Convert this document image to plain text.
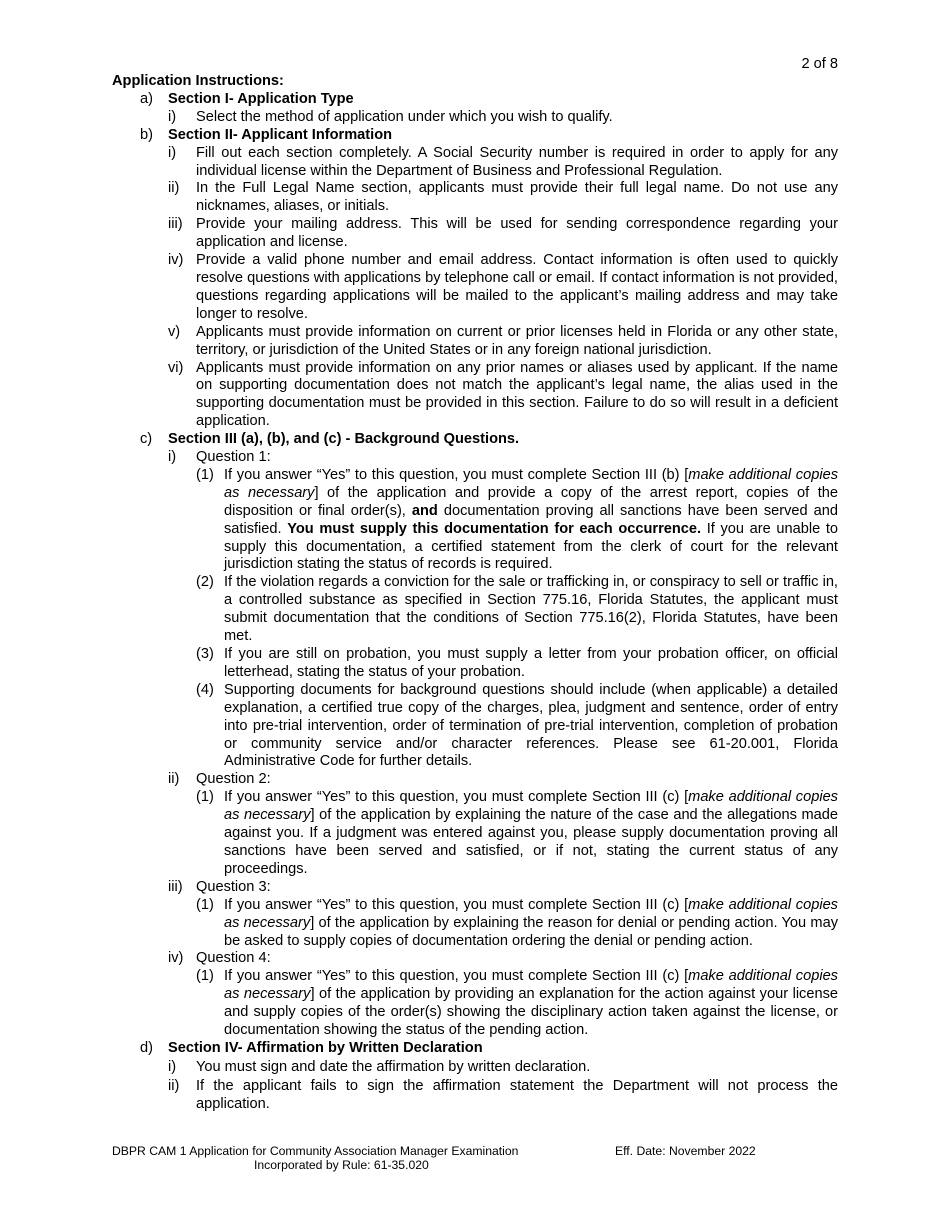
2 of 8
Application Instructions:
a)	Section I- Application Type
i)	Select the method of application under which you wish to qualify.
b)	Section II- Applicant Information
i)	Fill out each section completely. A Social Security number is required in order to apply for any individual license within the Department of Business and Professional Regulation.
ii)	In the Full Legal Name section, applicants must provide their full legal name. Do not use any nicknames, aliases, or initials.
iii) Provide your mailing address. This will be used for sending correspondence regarding your application and license.
iv) Provide a valid phone number and email address. Contact information is often used to quickly resolve questions with applications by telephone call or email. If contact information is not provided, questions regarding applications will be mailed to the applicant’s mailing address and may take longer to resolve.
v)	Applicants must provide information on current or prior licenses held in Florida or any other state, territory, or jurisdiction of the United States or in any foreign national jurisdiction.
vi) Applicants must provide information on any prior names or aliases used by applicant. If the name on supporting documentation does not match the applicant’s legal name, the alias used in the supporting documentation must be provided in this section. Failure to do so will result in a deficient application.
c)	Section III (a), (b), and (c) - Background Questions.
i)	Question 1:
(1) If you answer “Yes” to this question, you must complete Section III (b) [make additional copies as necessary] of the application and provide a copy of the arrest report, copies of the disposition or final order(s), and documentation proving all sanctions have been served and satisfied. You must supply this documentation for each occurrence. If you are unable to supply this documentation, a certified statement from the clerk of court for the relevant jurisdiction stating the status of records is required.
(2) If the violation regards a conviction for the sale or trafficking in, or conspiracy to sell or traffic in, a controlled substance as specified in Section 775.16, Florida Statutes, the applicant must submit documentation that the conditions of Section 775.16(2), Florida Statutes, have been met.
(3) If you are still on probation, you must supply a letter from your probation officer, on official letterhead, stating the status of your probation.
(4) Supporting documents for background questions should include (when applicable) a detailed explanation, a certified true copy of the charges, plea, judgment and sentence, order of entry into pre-trial intervention, order of termination of pre-trial intervention, completion of probation or community service and/or character references. Please see 61-20.001, Florida Administrative Code for further details.
ii)	Question 2:
(1) If you answer “Yes” to this question, you must complete Section III (c) [make additional copies as necessary] of the application by explaining the nature of the case and the allegations made against you. If a judgment was entered against you, please supply documentation proving all sanctions have been served and satisfied, or if not, stating the current status of any proceedings.
iii) Question 3:
(1) If you answer “Yes” to this question, you must complete Section III (c) [make additional copies as necessary] of the application by explaining the reason for denial or pending action. You may be asked to supply copies of documentation ordering the denial or pending action.
iv) Question 4:
(1) If you answer “Yes” to this question, you must complete Section III (c) [make additional copies as necessary] of the application by providing an explanation for the action against your license and supply copies of the order(s) showing the disciplinary action taken against the license, or documentation showing the status of the pending action.
d)	Section IV- Affirmation by Written Declaration
i)	You must sign and date the affirmation by written declaration.
ii)	If the applicant fails to sign the affirmation statement the Department will not process the application.
DBPR CAM 1 Application for Community Association Manager Examination	Eff. Date: November 2022
Incorporated by Rule: 61-35.020
